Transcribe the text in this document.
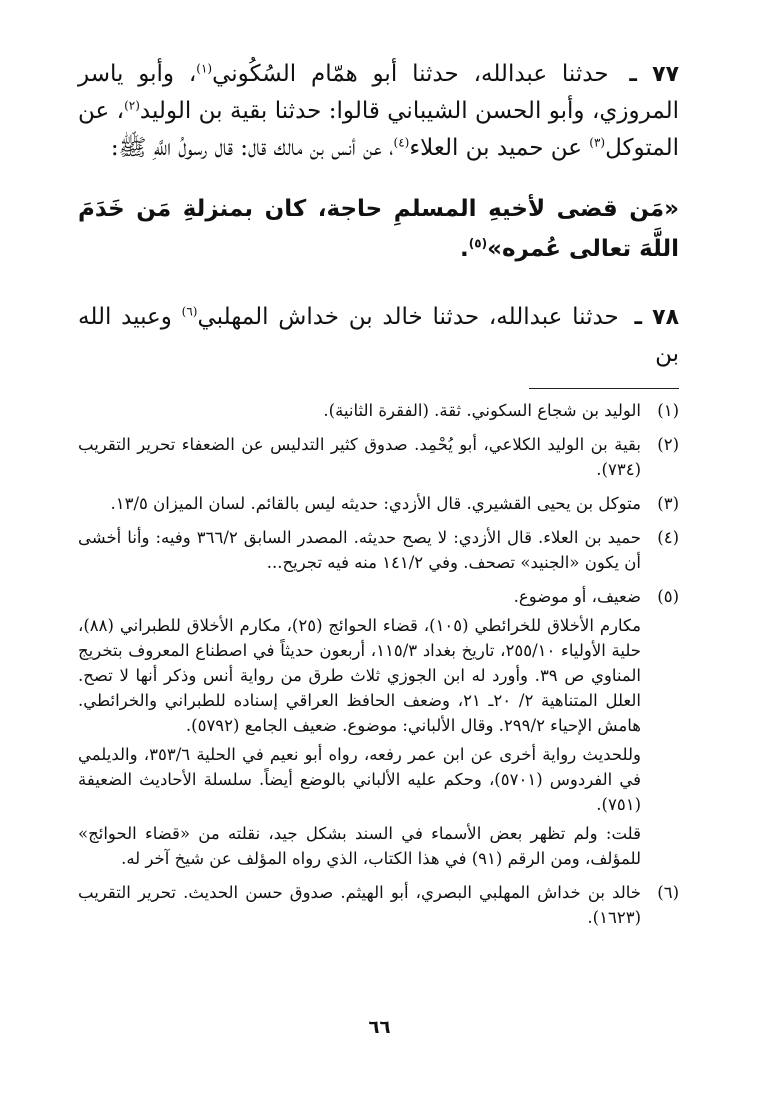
٧٧ ـ حدثنا عبدالله، حدثنا أبو همّام السُكُوني$^{(١)}$، وأبو ياسر المروزي، وأبو الحسن الشيباني قالوا: حدثنا بقية بن الوليد$^{(٢)}$، عن المتوكل$^{(٣)}$ عن حميد بن العلاء$^{(٤)}$، عن أنس بن مالك قال: قال رسولُ اللَّهِ ﷺ:

«مَن قضى لأخيهِ المسلمِ حاجة، كان بمنزلةِ مَن خَدَمَ اللَّهَ تعالى عُمره»$^{(٥)}$.

٧٨ ـ حدثنا عبدالله، حدثنا خالد بن خداش المهلبي$^{(٦)}$ وعبيد الله بن

(١)

الوليد بن شجاع السكوني. ثقة. (الفقرة الثانية).

(٢)

بقية بن الوليد الكلاعي، أبو يُحْمِد. صدوق كثير التدليس عن الضعفاء تحرير التقريب (٧٣٤).

(٣)

متوكل بن يحيى القشيري. قال الأزدي: حديثه ليس بالقائم. لسان الميزان ١٣/٥.

(٤)

حميد بن العلاء. قال الأزدي: لا يصح حديثه. المصدر السابق ٣٦٦/٢ وفيه: وأنا أخشى أن يكون «الجنيد» تصحف. وفي ١٤١/٢ منه فيه تجريح...

(٥)

ضعيف، أو موضوع.

مكارم الأخلاق للخرائطي (١٠٥)، قضاء الحوائج (٢٥)، مكارم الأخلاق للطبراني (٨٨)، حلية الأولياء ٢٥٥/١٠، تاريخ بغداد ١١٥/٣، أربعون حديثاً في اصطناع المعروف بتخريج المناوي ص ٣٩. وأورد له ابن الجوزي ثلاث طرق من رواية أنس وذكر أنها لا تصح. العلل المتناهية ٢/ ٢٠ـ ٢١، وضعف الحافظ العراقي إسناده للطبراني والخرائطي. هامش الإحياء ٢٩٩/٢. وقال الألباني: موضوع. ضعيف الجامع (٥٧٩٢).

وللحديث رواية أخرى عن ابن عمر رفعه، رواه أبو نعيم في الحلية ٣٥٣/٦، والديلمي في الفردوس (٥٧٠١)، وحكم عليه الألباني بالوضع أيضاً. سلسلة الأحاديث الضعيفة (٧٥١).

قلت: ولم تظهر بعض الأسماء في السند بشكل جيد، نقلته من «قضاء الحوائج» للمؤلف، ومن الرقم (٩١) في هذا الكتاب، الذي رواه المؤلف عن شيخ آخر له.

(٦)

خالد بن خداش المهلبي البصري، أبو الهيثم. صدوق حسن الحديث. تحرير التقريب (١٦٢٣).

٦٦
